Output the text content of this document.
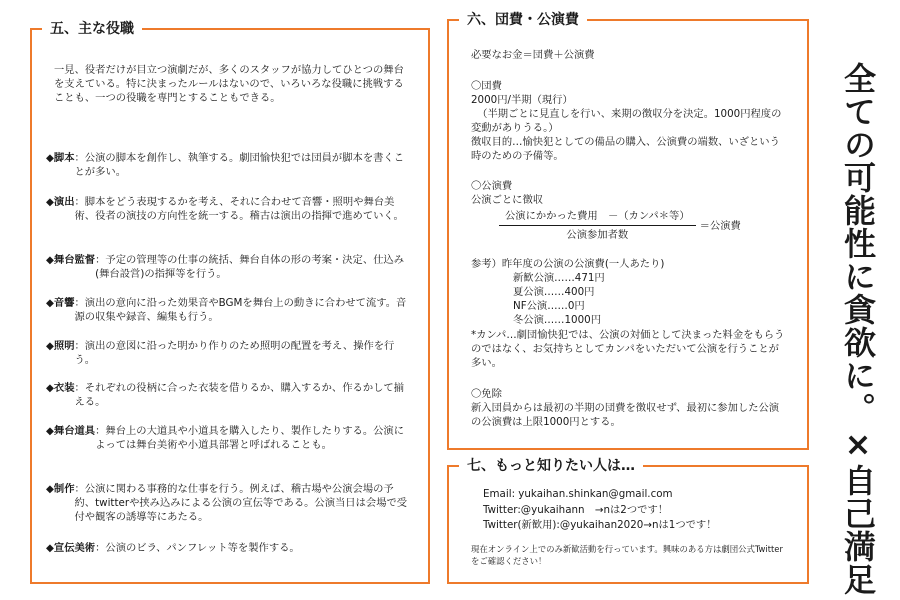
五、主な役職
一見、役者だけが目立つ演劇だが、多くのスタッフが協力してひとつの舞台を支えている。特に決まったルールはないので、いろいろな役職に挑戦することも、一つの役職を専門とすることもできる。
◆脚本 ：公演の脚本を創作し、執筆する。劇団愉快犯では団員が脚本を書くことが多い。
◆演出 ：脚本をどう表現するかを考え、それに合わせて音響・照明や舞台美術、役者の演技の方向性を統一する。稽古は演出の指揮で進めていく。
◆舞台監督 ：予定の管理等の仕事の統括、舞台自体の形の考案・決定、仕込み(舞台設営)の指揮等を行う。
◆音響 ：演出の意向に沿った効果音やBGMを舞台上の動きに合わせて流す。音源の収集や録音、編集も行う。
◆照明 ：演出の意図に沿った明かり作りのため照明の配置を考え、操作を行う。
◆衣装 ：それぞれの役柄に合った衣装を借りるか、購入するか、作るかして揃える。
◆舞台道具 ：舞台上の大道具や小道具を購入したり、製作したりする。公演によっては舞台美術や小道具部署と呼ばれることも。
◆制作 ：公演に関わる事務的な仕事を行う。例えば、稽古場や公演会場の予約、twitterや挟み込みによる公演の宣伝等である。公演当日は会場で受付や観客の誘導等にあたる。
◆宣伝美術 ：公演のビラ、パンフレット等を製作する。
六、団費・公演費
必要なお金＝団費＋公演費
〇団費
2000円/半期（現行）
（半期ごとに見直しを行い、来期の徴収分を決定。1000円程度の変動がありうる。）
徴収目的…愉快犯としての備品の購入、公演費の端数、いざという時のための予備等。
〇公演費
公演ごとに徴収
$\frac{\text{公演にかかった費用　－（カンパ＊等）}}{\text{公演参加者数}}$ ＝公演費
参考）昨年度の公演の公演費(一人あたり)
新歓公演……471円
夏公演……400円
NF公演……0円
冬公演……1000円
*カンパ…劇団愉快犯では、公演の対価として決まった料金をもらうのではなく、お気持ちとしてカンパをいただいて公演を行うことが多い。
〇免除
新入団員からは最初の半期の団費を徴収せず、最初に参加した公演の公演費は上限1000円とする。
七、もっと知りたい人は…
Email: yukaihan.shinkan@gmail.com
Twitter:@yukaihann　→nは2つです！
Twitter(新歓用):@yukaihan2020→nは1つです！
現在オンライン上でのみ新歓活動を行っています。興味のある方は劇団公式Twitterをご確認ください！	全ての可能性に貪欲に。×自己満足
